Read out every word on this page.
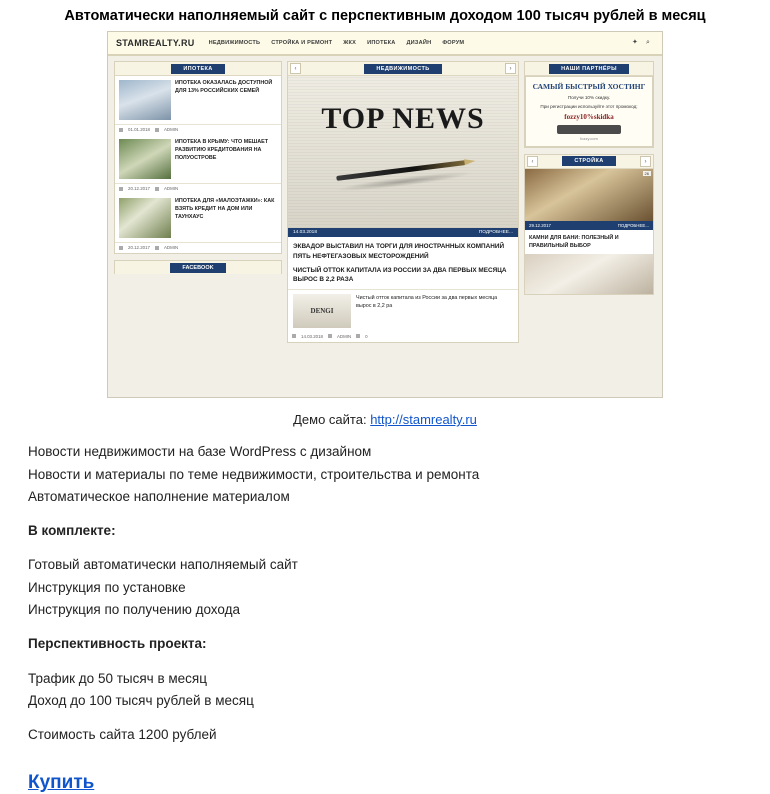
Автоматически наполняемый сайт с перспективным доходом 100 тысяч рублей в месяц
STAMREALTY.RU	НЕДВИЖИМОСТЬ СТРОЙКА И РЕМОНТ ЖКХ ИПОТЕКА ДИЗАЙН ФОРУМ	✦	⌕
ИПОТЕКА
ИПОТЕКА ОКАЗАЛАСЬ ДОСТУПНОЙ ДЛЯ 13% РОССИЙСКИХ СЕМЕЙ
01.01.2018	ADMIN
ИПОТЕКА В КРЫМУ: ЧТО МЕШАЕТ РАЗВИТИЮ КРЕДИТОВАНИЯ НА ПОЛУОСТРОВЕ
20.12.2017	ADMIN
ИПОТЕКА ДЛЯ «МАЛОЭТАЖКИ»: КАК ВЗЯТЬ КРЕДИТ НА ДОМ ИЛИ ТАУНХАУС
20.12.2017	ADMIN
FACEBOOK
‹	НЕДВИЖИМОСТЬ	›
TOP NEWS
14.03.2018	ПОДРОБНЕЕ...
ЭКВАДОР ВЫСТАВИЛ НА ТОРГИ ДЛЯ ИНОСТРАННЫХ КОМПАНИЙ ПЯТЬ НЕФТЕГАЗОВЫХ МЕСТОРОЖДЕНИЙ
ЧИСТЫЙ ОТТОК КАПИТАЛА ИЗ РОССИИ ЗА ДВА ПЕРВЫХ МЕСЯЦА ВЫРОС В 2,2 РАЗА
DENGI
Чистый отток капитала из России за два первых месяца вырос в 2,2 ра
14.03.2018	ADMIN	0
НАШИ ПАРТНЁРЫ
САМЫЙ БЫСТРЫЙ ХОСТИНГ
Получи 10% скидку.
При регистрации используйте этот промокод:
fozzy10%skidka
fozzy.com
‹	СТРОЙКА	›
26
29.12.2017	ПОДРОБНЕЕ...
КАМНИ ДЛЯ БАНИ: ПОЛЕЗНЫЙ И ПРАВИЛЬНЫЙ ВЫБОР
Демо сайта: http://stamrealty.ru

Новости недвижимости на базе WordPress с дизайном
Новости и материалы по теме недвижимости, строительства и ремонта
Автоматическое наполнение материалом

В комплекте:

Готовый автоматически наполняемый сайт
Инструкция по установке
Инструкция по получению дохода

Перспективность проекта:

Трафик до 50 тысяч в месяц
Доход до 100 тысяч рублей в месяц

Стоимость сайта 1200 рублей

Купить
